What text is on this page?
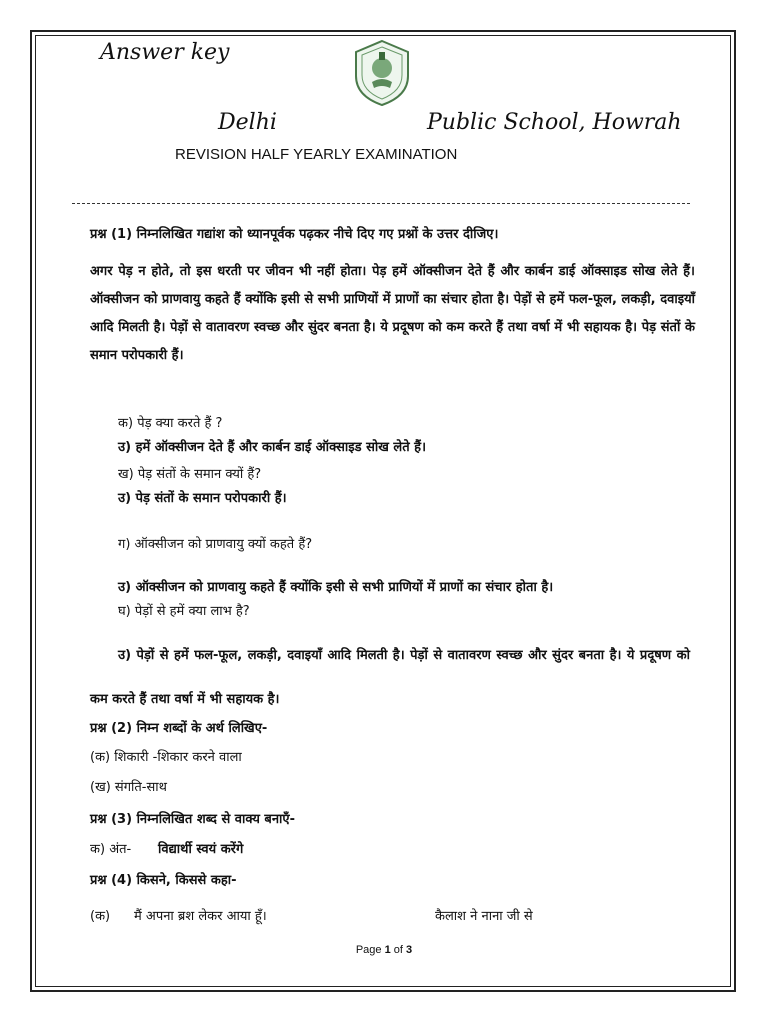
Answer key
Delhi	Public School, Howrah
REVISION HALF YEARLY EXAMINATION
प्रश्न (1) निम्नलिखित गद्यांश को ध्यानपूर्वक पढ़कर नीचे दिए गए प्रश्नों के उत्तर दीजिए।
अगर पेड़ न होते, तो इस धरती पर जीवन भी नहीं होता। पेड़ हमें ऑक्सीजन देते हैं और कार्बन डाई ऑक्साइड सोख लेते हैं। ऑक्सीजन को प्राणवायु कहते हैं क्योंकि इसी से सभी प्राणियों में प्राणों का संचार होता है। पेड़ों से हमें फल-फूल, लकड़ी, दवाइयाँ आदि मिलती है। पेड़ों से वातावरण स्वच्छ और सुंदर बनता है। ये प्रदूषण को कम करते हैं तथा वर्षा में भी सहायक है। पेड़ संतों के समान परोपकारी हैं।
क) पेड़ क्या करते हैं ?
उ) हमें ऑक्सीजन देते हैं और कार्बन डाई ऑक्साइड सोख लेते हैं।
ख) पेड़ संतों के समान क्यों हैं?
उ) पेड़ संतों के समान परोपकारी हैं।
ग) ऑक्सीजन को प्राणवायु क्यों कहते हैं?
उ) ऑक्सीजन को प्राणवायु कहते हैं क्योंकि इसी से सभी प्राणियों में प्राणों का संचार होता है।
घ) पेड़ों से हमें क्या लाभ है?
उ) पेड़ों से हमें फल-फूल, लकड़ी, दवाइयाँ आदि मिलती है। पेड़ों से वातावरण स्वच्छ और सुंदर बनता है। ये प्रदूषण को कम करते हैं तथा वर्षा में भी सहायक है।
प्रश्न (2) निम्न शब्दों के अर्थ लिखिए-
(क) शिकारी -शिकार करने वाला
(ख) संगति-साथ
प्रश्न (3) निम्नलिखित शब्द से वाक्य बनाएँ-
क) अंत- विद्यार्थी स्वयं करेंगे
प्रश्न (4) किसने, किससे कहा-
(क) मैं अपना ब्रश लेकर आया हूँ।	कैलाश ने नाना जी से
Page 1 of 3
